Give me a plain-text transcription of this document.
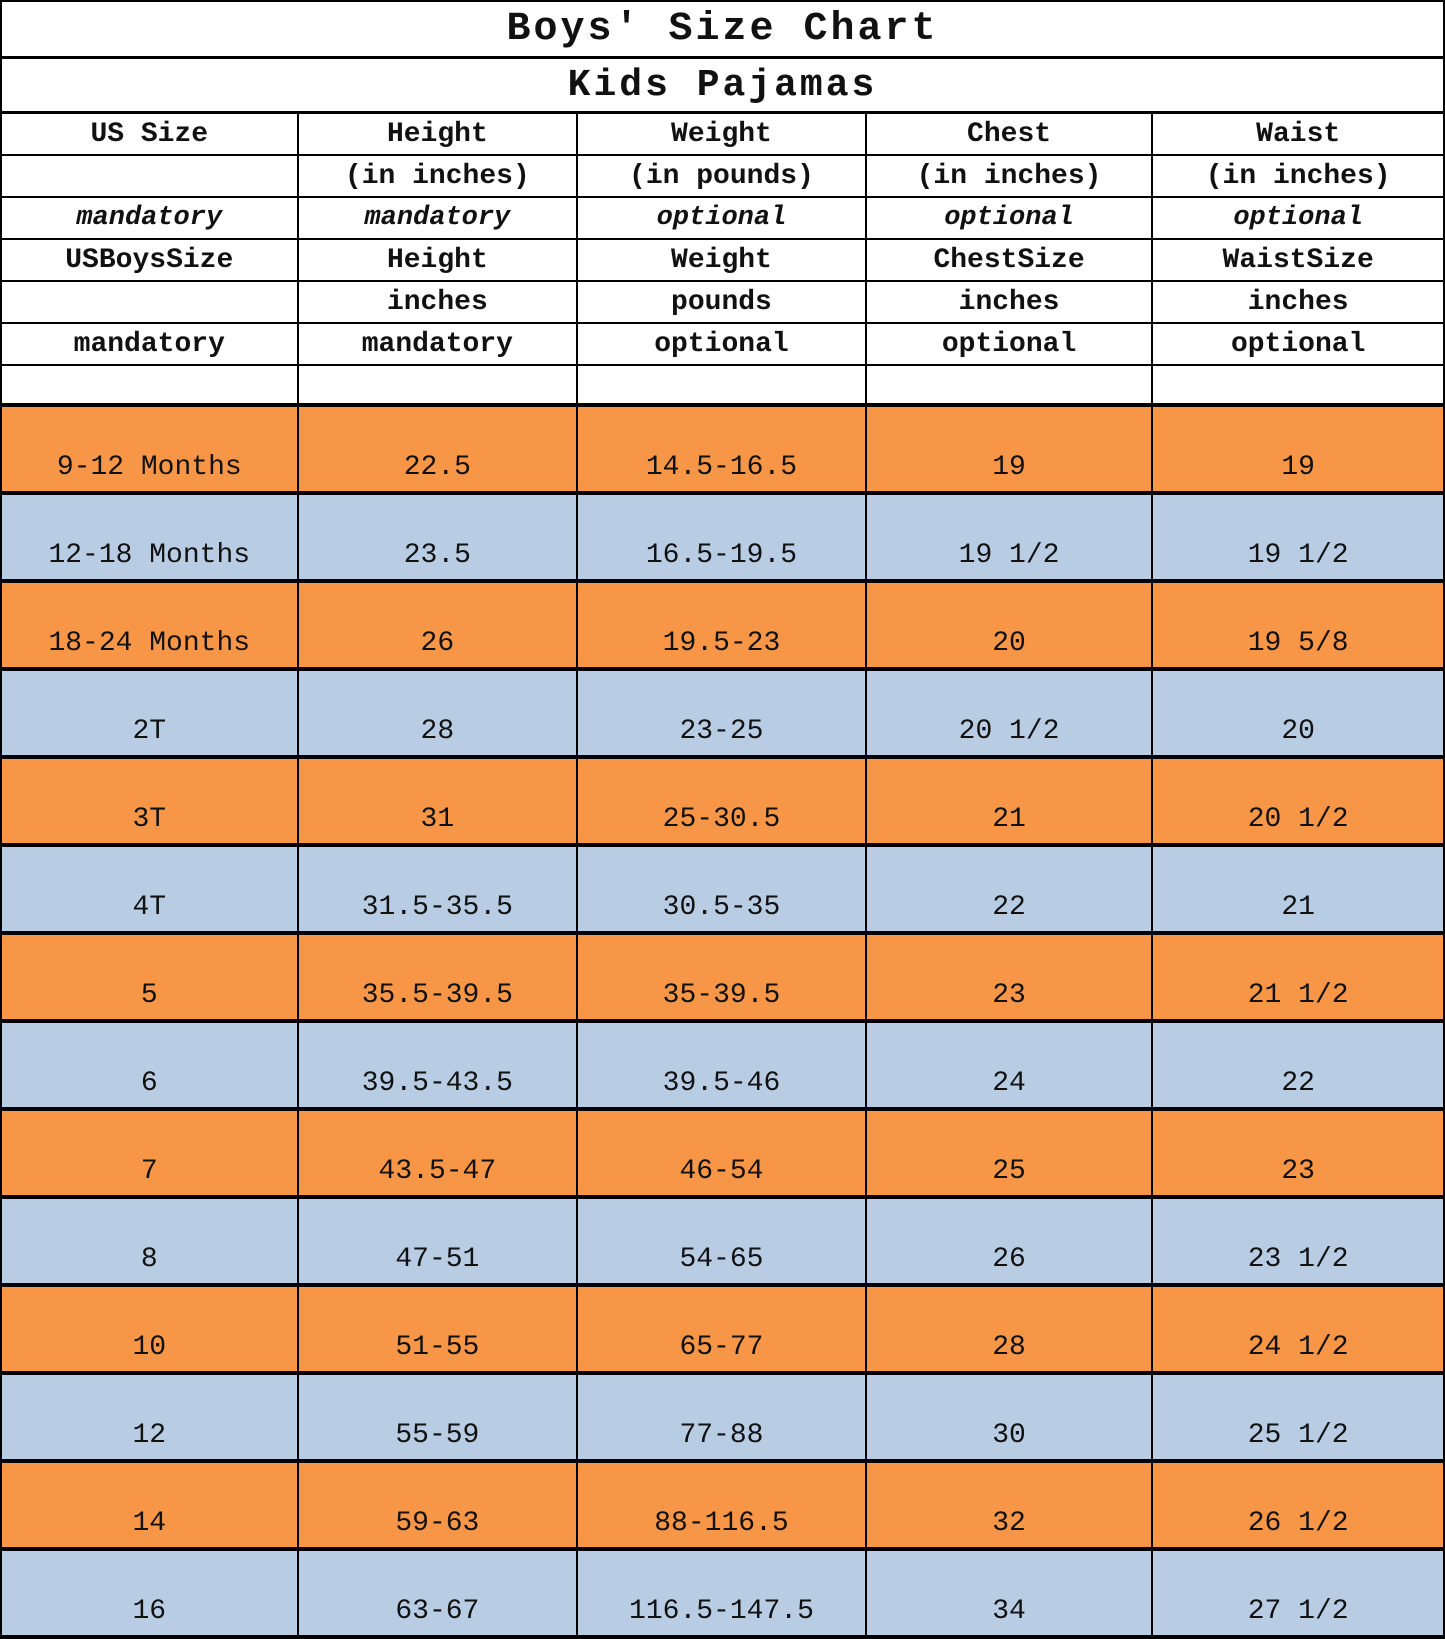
Boys' Size Chart				
Kids Pajamas				
US Size	Height	Weight	Chest	Waist
	(in inches)	(in pounds)	(in inches)	(in inches)
mandatory	mandatory	optional	optional	optional
USBoysSize	Height	Weight	ChestSize	WaistSize
	inches	pounds	inches	inches
mandatory	mandatory	optional	optional	optional

9-12 Months	22.5	14.5-16.5	19	19
12-18 Months	23.5	16.5-19.5	19 1/2	19 1/2
18-24 Months	26	19.5-23	20	19 5/8
2T	28	23-25	20 1/2	20
3T	31	25-30.5	21	20 1/2
4T	31.5-35.5	30.5-35	22	21
5	35.5-39.5	35-39.5	23	21 1/2
6	39.5-43.5	39.5-46	24	22
7	43.5-47	46-54	25	23
8	47-51	54-65	26	23 1/2
10	51-55	65-77	28	24 1/2
12	55-59	77-88	30	25 1/2
14	59-63	88-116.5	32	26 1/2
16	63-67	116.5-147.5	34	27 1/2
